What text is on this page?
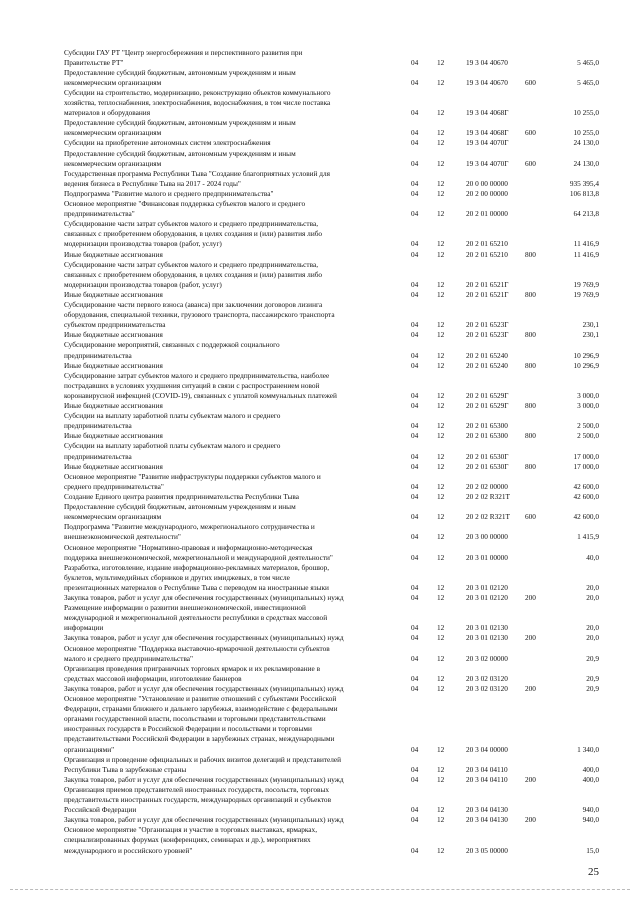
Субсидии ГАУ РТ "Центр энергосбережения и перспективного развития при
Правительстве РТ"	04	12	19 3 04 40670	5 465,0
Предоставление субсидий бюджетным, автономным учреждениям и иным
некоммерческим организациям	04	12	19 3 04 40670 600	5 465,0
Субсидии на строительство, модернизацию, реконструкцию объектов коммунального
хозяйства, теплоснабжения, электроснабжения, водоснабжения, в том числе поставка
материалов и оборудования	04	12	19 3 04 4068Г	10 255,0
Предоставление субсидий бюджетным, автономным учреждениям и иным
некоммерческим организациям	04	12	19 3 04 4068Г 600	10 255,0
Субсидии на приобретение автономных систем электроснабжения	04	12	19 3 04 4070Г	24 130,0
Предоставление субсидий бюджетным, автономным учреждениям и иным
некоммерческим организациям	04	12	19 3 04 4070Г 600	24 130,0
Государственная программа Республики Тыва "Создание благоприятных условий для
ведения бизнеса в Республике Тыва на 2017 - 2024 годы"	04	12	20 0 00 00000	935 395,4
Подпрограмма "Развитие малого и среднего предпринимательства"	04	12	20 2 00 00000	106 813,8
Основное мероприятие "Финансовая поддержка субъектов малого и среднего
предпринимательства"	04	12	20 2 01 00000	64 213,8
Субсидирование части затрат субъектов малого и среднего предпринимательства,
связанных с приобретением оборудования, в целях создания и (или) развития либо
модернизации производства товаров (работ, услуг)	04	12	20 2 01 65210	11 416,9
Иные бюджетные ассигнования	04	12	20 2 01 65210 800	11 416,9
Субсидирование части затрат субъектов малого и среднего предпринимательства,
связанных с приобретением оборудования, в целях создания и (или) развития либо
модернизации производства товаров (работ, услуг)	04	12	20 2 01 6521Г	19 769,9
Иные бюджетные ассигнования	04	12	20 2 01 6521Г 800	19 769,9
Субсидирование части первого взноса (аванса) при заключении договоров лизинга
оборудования, специальной техники, грузового транспорта, пассажирского транспорта
субъектом предпринимательства	04	12	20 2 01 6523Г	230,1
Иные бюджетные ассигнования	04	12	20 2 01 6523Г 800	230,1
Субсидирование мероприятий, связанных с поддержкой социального
предпринимательства	04	12	20 2 01 65240	10 296,9
Иные бюджетные ассигнования	04	12	20 2 01 65240 800	10 296,9
Субсидирование затрат субъектов малого и среднего предпринимательства, наиболее
пострадавших в условиях ухудшения ситуаций в связи с распространением новой
коронавирусной инфекцией (COVID-19), связанных с уплатой коммунальных платежей	04	12	20 2 01 6529Г	3 000,0
Иные бюджетные ассигнования	04	12	20 2 01 6529Г 800	3 000,0
Субсидии на выплату заработной платы субъектам малого и среднего
предпринимательства	04	12	20 2 01 65300	2 500,0
Иные бюджетные ассигнования	04	12	20 2 01 65300 800	2 500,0
Субсидии на выплату заработной платы субъектам малого и среднего
предпринимательства	04	12	20 2 01 6530Г	17 000,0
Иные бюджетные ассигнования	04	12	20 2 01 6530Г 800	17 000,0
Основное мероприятие "Развитие инфраструктуры поддержки субъектов малого и
среднего предпринимательства"	04	12	20 2 02 00000	42 600,0
Создание Единого центра развития предпринимательства Республики Тыва	04	12	20 2 02 R321T	42 600,0
Предоставление субсидий бюджетным, автономным учреждениям и иным
некоммерческим организациям	04	12	20 2 02 R321T 600	42 600,0
Подпрограмма "Развитие международного, межрегионального сотрудничества и
внешнеэкономической деятельности"	04	12	20 3 00 00000	1 415,9
Основное мероприятие "Нормативно-правовая и информационно-методическая
поддержка внешнеэкономической, межрегиональной и международной деятельности"	04	12	20 3 01 00000	40,0
Разработка, изготовление, издание информационно-рекламных материалов, брошюр,
буклетов, мультимедийных сборников и других имиджевых, в том числе
презентационных материалов о Республике Тыва с переводом на иностранные языки	04	12	20 3 01 02120	20,0
Закупка товаров, работ и услуг для обеспечения государственных (муниципальных) нужд	04	12	20 3 01 02120 200	20,0
Размещение информации о развитии внешнеэкономической, инвестиционной
международной и межрегиональной деятельности республики в средствах массовой
информации	04	12	20 3 01 02130	20,0
Закупка товаров, работ и услуг для обеспечения государственных (муниципальных) нужд	04	12	20 3 01 02130 200	20,0
Основное мероприятие "Поддержка выставочно-ярмарочной деятельности субъектов
малого и среднего предпринимательства"	04	12	20 3 02 00000	20,9
Организация проведения приграничных торговых ярмарок и их рекламирование в
средствах массовой информации, изготовление баннеров	04	12	20 3 02 03120	20,9
Закупка товаров, работ и услуг для обеспечения государственных (муниципальных) нужд	04	12	20 3 02 03120 200	20,9
Основное мероприятие "Установление и развитие отношений с субъектами Российской
Федерации, странами ближнего и дальнего зарубежья, взаимодействие с федеральными
органами государственной власти, посольствами и торговыми представительствами
иностранных государств в Российской Федерации и посольствами и торговыми
представительствами Российской Федерации в зарубежных странах, международными
организациями"	04	12	20 3 04 00000	1 340,0
Организация и проведение официальных и рабочих визитов делегаций и представителей
Республики Тыва в зарубежные страны	04	12	20 3 04 04110	400,0
Закупка товаров, работ и услуг для обеспечения государственных (муниципальных) нужд	04	12	20 3 04 04110 200	400,0
Организация приемов представителей иностранных государств, посольств, торговых
представительств иностранных государств, международных организаций и субъектов
Российской Федерации	04	12	20 3 04 04130	940,0
Закупка товаров, работ и услуг для обеспечения государственных (муниципальных) нужд	04	12	20 3 04 04130 200	940,0
Основное мероприятие "Организация и участие в торговых выставках, ярмарках,
специализированных форумах (конференциях, семинарах и др.), мероприятиях
международного и российского уровней"	04	12	20 3 05 00000	15,0
25
